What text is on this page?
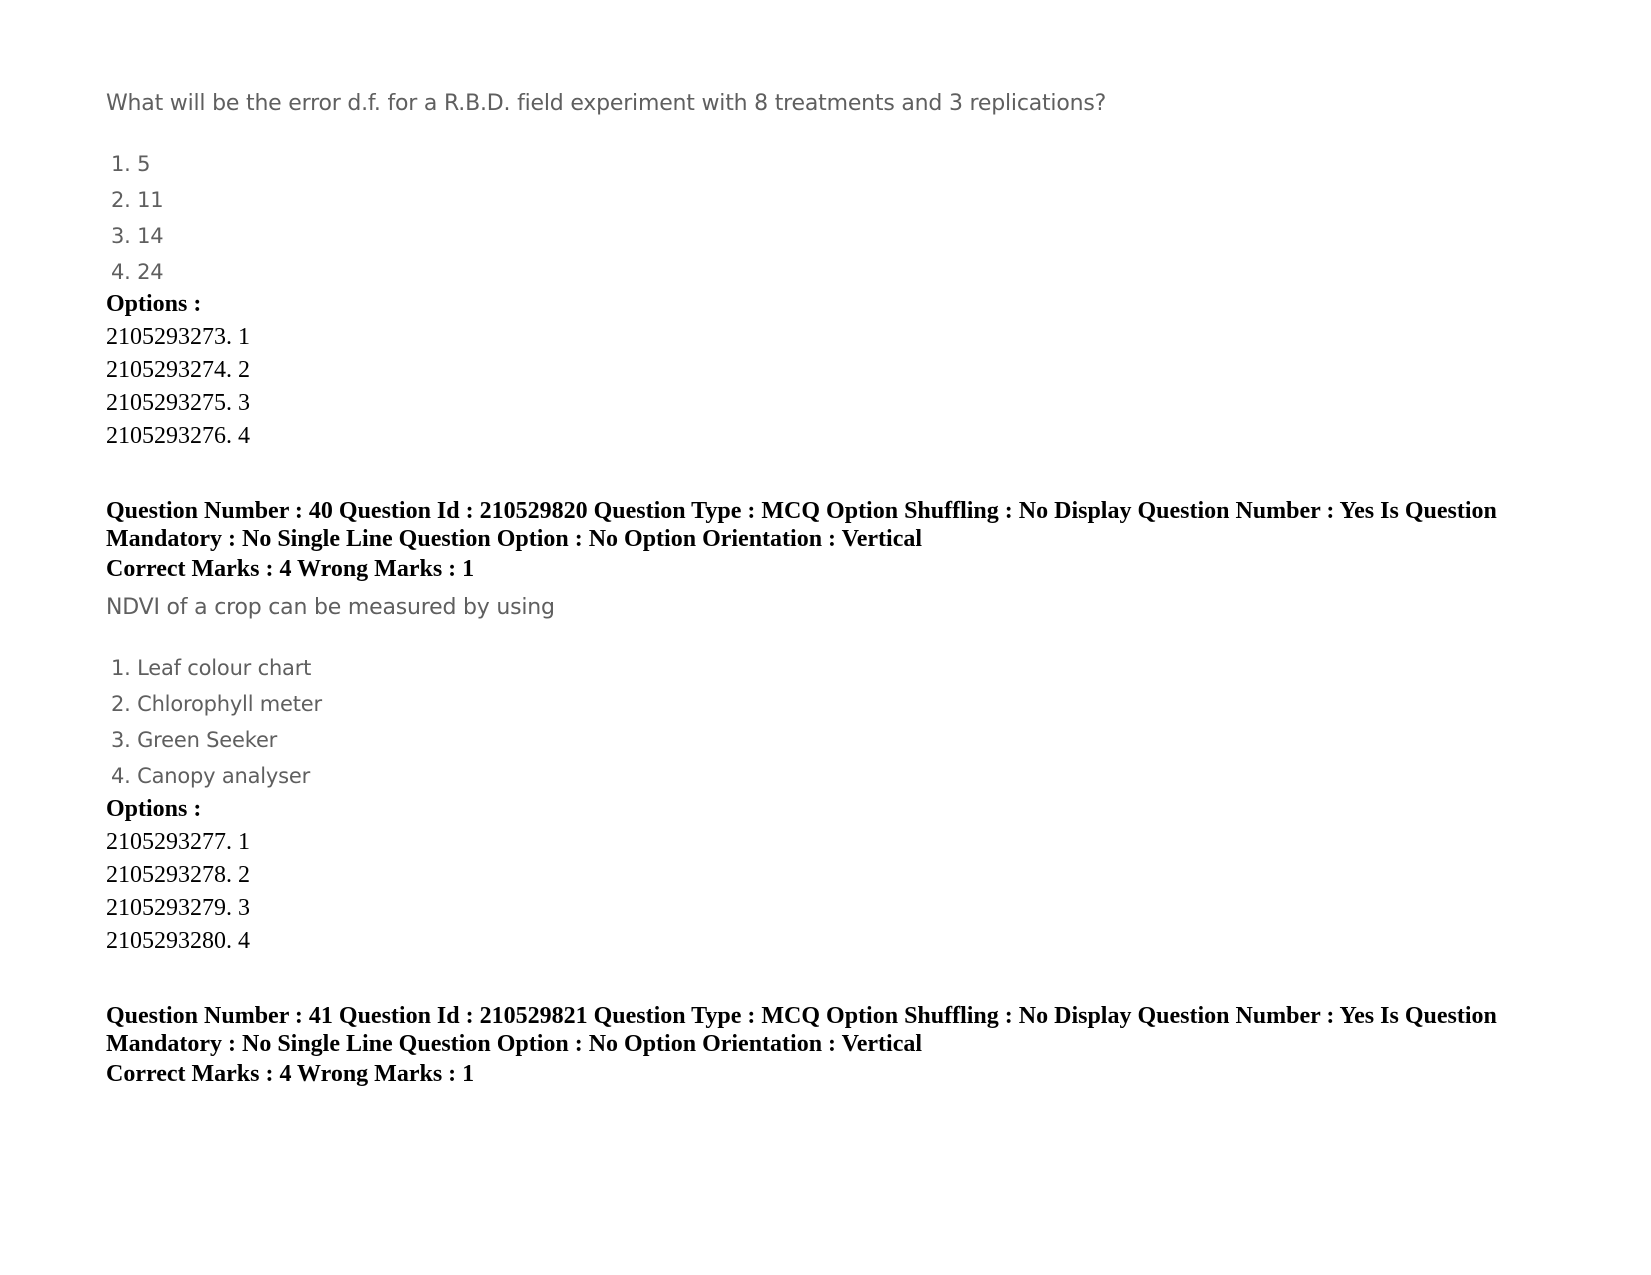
What will be the error d.f. for a R.B.D. field experiment with 8 treatments and 3 replications?
1. 5
2. 11
3. 14
4. 24
Options :
2105293273. 1
2105293274. 2
2105293275. 3
2105293276. 4
Question Number : 40 Question Id : 210529820 Question Type : MCQ Option Shuffling : No Display Question Number : Yes Is Question
Mandatory : No Single Line Question Option : No Option Orientation : Vertical
Correct Marks : 4 Wrong Marks : 1
NDVI of a crop can be measured by using
1. Leaf colour chart
2. Chlorophyll meter
3. Green Seeker
4. Canopy analyser
Options :
2105293277. 1
2105293278. 2
2105293279. 3
2105293280. 4
Question Number : 41 Question Id : 210529821 Question Type : MCQ Option Shuffling : No Display Question Number : Yes Is Question
Mandatory : No Single Line Question Option : No Option Orientation : Vertical
Correct Marks : 4 Wrong Marks : 1
